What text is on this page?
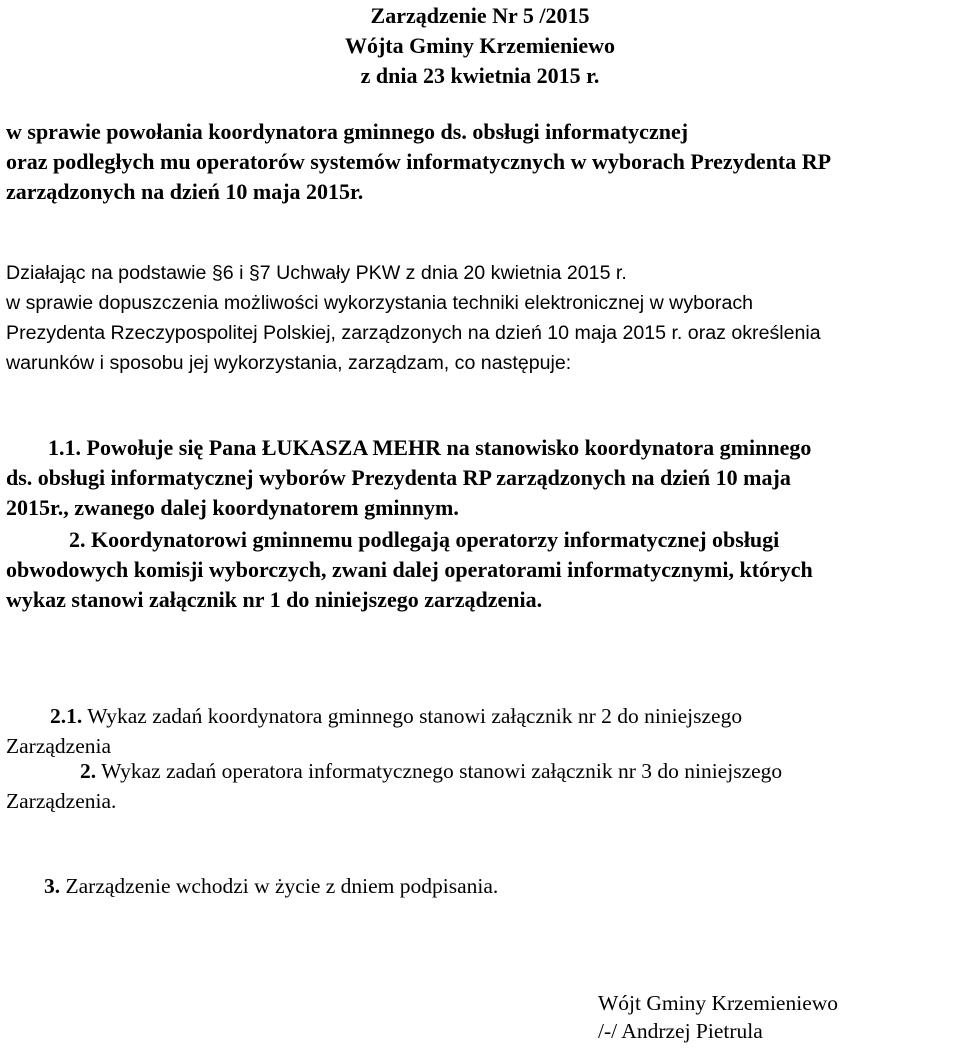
Zarządzenie Nr 5 /2015
Wójta Gminy Krzemieniewo
z dnia 23 kwietnia 2015 r.
w sprawie powołania koordynatora gminnego ds. obsługi informatycznej
oraz podległych mu operatorów systemów informatycznych w wyborach Prezydenta RP
zarządzonych na dzień 10 maja 2015r.
Działając na podstawie §6 i §7 Uchwały PKW z dnia 20 kwietnia 2015 r.
w sprawie dopuszczenia możliwości wykorzystania techniki elektronicznej w wyborach
Prezydenta Rzeczypospolitej Polskiej, zarządzonych na dzień 10 maja 2015 r. oraz określenia
warunków i sposobu jej wykorzystania, zarządzam, co następuje:
1.1. Powołuje się Pana ŁUKASZA MEHR na stanowisko koordynatora gminnego
ds. obsługi informatycznej wyborów Prezydenta RP zarządzonych na dzień 10 maja
2015r., zwanego dalej koordynatorem gminnym.
2. Koordynatorowi gminnemu podlegają operatorzy informatycznej obsługi
obwodowych komisji wyborczych, zwani dalej operatorami informatycznymi, których
wykaz stanowi załącznik nr 1 do niniejszego zarządzenia.
2.1. Wykaz zadań koordynatora gminnego stanowi załącznik nr 2 do niniejszego
Zarządzenia
2. Wykaz zadań operatora informatycznego stanowi załącznik nr 3 do niniejszego
Zarządzenia.
3. Zarządzenie wchodzi w życie z dniem podpisania.
Wójt Gminy Krzemieniewo
/-/ Andrzej Pietrula
